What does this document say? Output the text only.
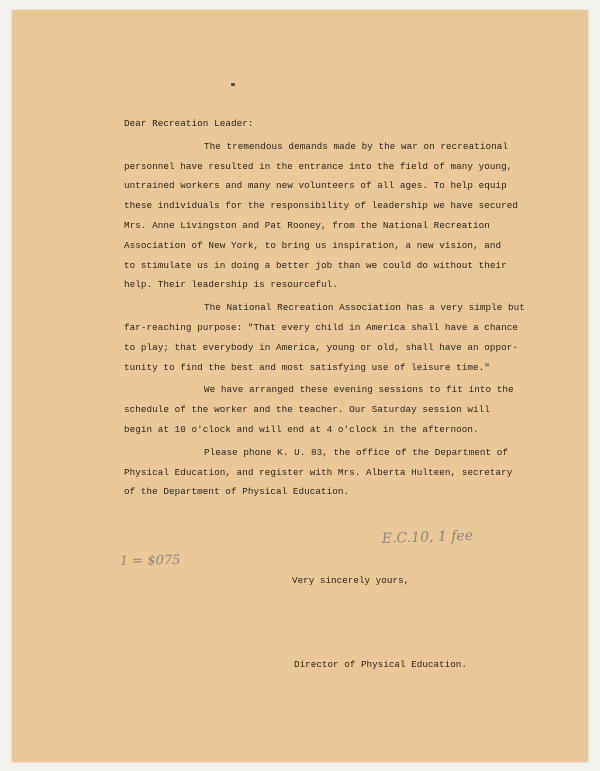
Dear Recreation Leader:
The tremendous demands made by the war on recreational
personnel have resulted in the entrance into the field of many young,
untrained workers and many new volunteers of all ages. To help equip
these individuals for the responsibility of leadership we have secured
Mrs. Anne Livingston and Pat Rooney, from the National Recreation
Association of New York, to bring us inspiration, a new vision, and
to stimulate us in doing a better job than we could do without their
help. Their leadership is resourceful.
The National Recreation Association has a very simple but
far-reaching purpose: "That every child in America shall have a chance
to play; that everybody in America, young or old, shall have an oppor-
tunity to find the best and most satisfying use of leisure time."
We have arranged these evening sessions to fit into the
schedule of the worker and the teacher. Our Saturday session will
begin at 10 o'clock and will end at 4 o'clock in the afternoon.
Please phone K. U. 83, the office of the Department of
Physical Education, and register with Mrs. Alberta Hulteen, secretary
of the Department of Physical Education.
E.C.10, 1 fee
1 = $075
Very sincerely yours,
Director of Physical Education.
